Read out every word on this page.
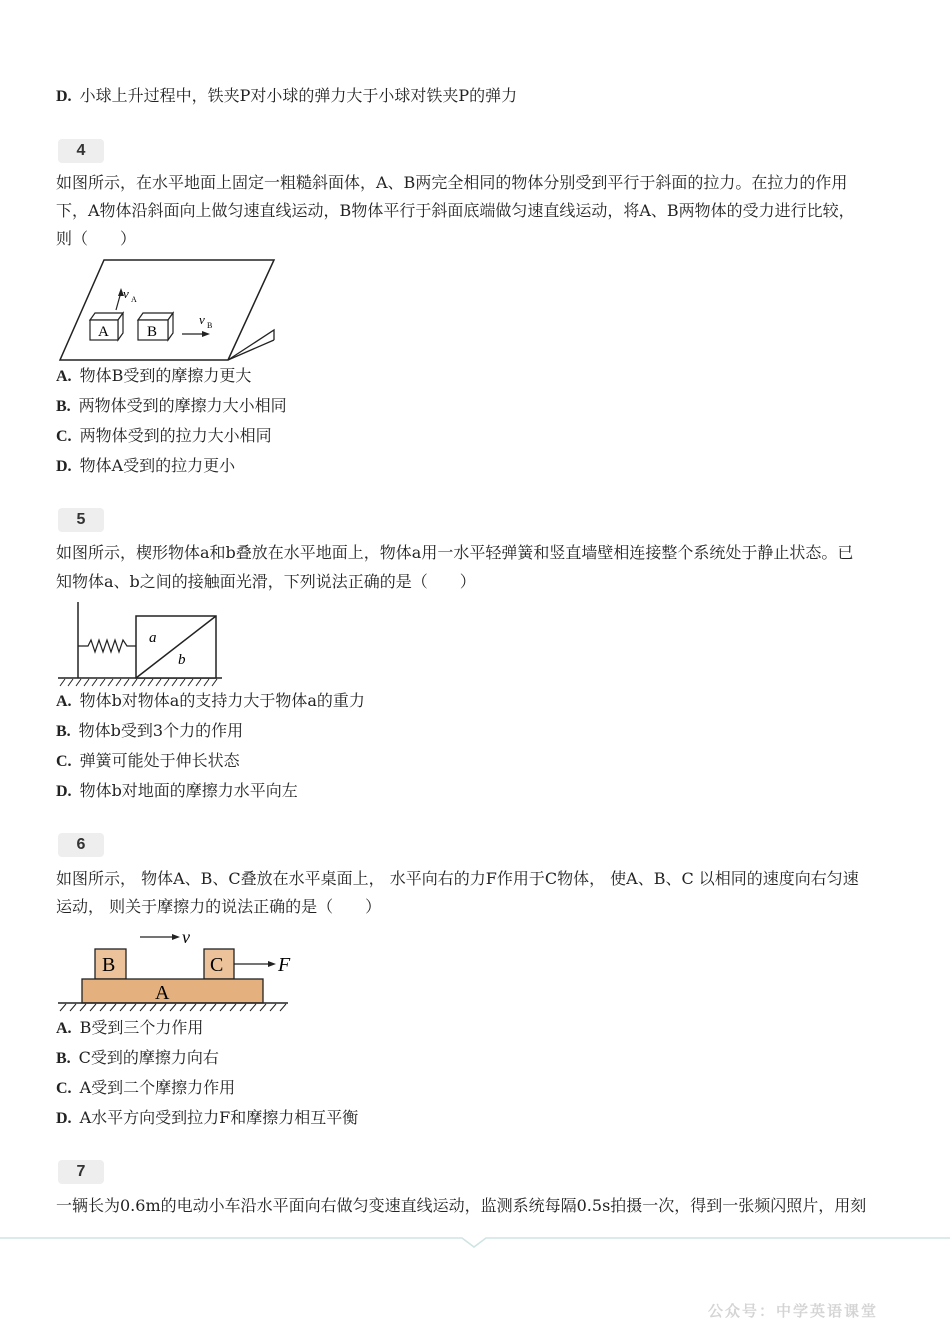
D. 小球上升过程中，铁夹P对小球的弹力大于小球对铁夹P的弹力
4
如图所示，在水平地面上固定一粗糙斜面体，A、B两完全相同的物体分别受到平行于斜面的拉力。在拉力的作用
下，A物体沿斜面向上做匀速直线运动，B物体平行于斜面底端做匀速直线运动，将A、B两物体的受力进行比较，
则（　　）
A	B
v A
v B
A. 物体B受到的摩擦力更大
B. 两物体受到的摩擦力大小相同
C. 两物体受到的拉力大小相同
D. 物体A受到的拉力更小
5
如图所示，楔形物体a和b叠放在水平地面上，物体a用一水平轻弹簧和竖直墙壁相连接整个系统处于静止状态。已
知物体a、b之间的接触面光滑，下列说法正确的是（　　）
a
b
A. 物体b对物体a的支持力大于物体a的重力
B. 物体b受到3个力的作用
C. 弹簧可能处于伸长状态
D. 物体b对地面的摩擦力水平向左
6
如图所示， 物体A、B、C叠放在水平桌面上， 水平向右的力F作用于C物体， 使A、B、C 以相同的速度向右匀速
运动， 则关于摩擦力的说法正确的是（　　）
v
B	C	F
A
A. B受到三个力作用
B. C受到的摩擦力向右
C. A受到二个摩擦力作用
D. A水平方向受到拉力F和摩擦力相互平衡
7
一辆长为0.6m的电动小车沿水平面向右做匀变速直线运动，监测系统每隔0.5s拍摄一次，得到一张频闪照片，用刻
公众号：中学英语课堂
